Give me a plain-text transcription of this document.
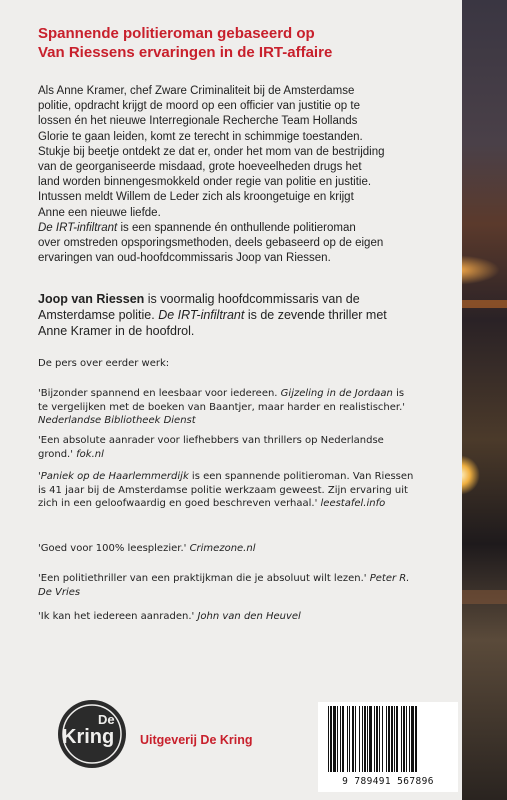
Spannende politieroman gebaseerd op
Van Riessens ervaringen in de IRT-affaire
Als Anne Kramer, chef Zware Criminaliteit bij de Amsterdamse
politie, opdracht krijgt de moord op een officier van justitie op te
lossen én het nieuwe Interregionale Recherche Team Hollands
Glorie te gaan leiden, komt ze terecht in schimmige toestanden.
Stukje bij beetje ontdekt ze dat er, onder het mom van de bestrijding
van de georganiseerde misdaad, grote hoeveelheden drugs het
land worden binnengesmokkeld onder regie van politie en justitie.
Intussen meldt Willem de Leder zich als kroongetuige en krijgt
Anne een nieuwe liefde.
De IRT-infiltrant is een spannende én onthullende politieroman
over omstreden opsporingsmethoden, deels gebaseerd op de eigen
ervaringen van oud-hoofdcommissaris Joop van Riessen.
Joop van Riessen is voormalig hoofdcommissaris van de
Amsterdamse politie. De IRT-infiltrant is de zevende thriller met
Anne Kramer in de hoofdrol.
De pers over eerder werk:
'Bijzonder spannend en leesbaar voor iedereen. Gijzeling in de Jordaan is
te vergelijken met de boeken van Baantjer, maar harder en realistischer.'
Nederlandse Bibliotheek Dienst
'Een absolute aanrader voor liefhebbers van thrillers op Nederlandse
grond.' fok.nl
'Paniek op de Haarlemmerdijk is een spannende politieroman. Van Riessen
is 41 jaar bij de Amsterdamse politie werkzaam geweest. Zijn ervaring uit
zich in een geloofwaardig en goed beschreven verhaal.' leestafel.info
'Goed voor 100% leesplezier.' Crimezone.nl
'Een politiethriller van een praktijkman die je absoluut wilt lezen.' Peter R.
De Vries
'Ik kan het iedereen aanraden.' John van den Heuvel
De
Kring Uitgeverij De Kring
9 789491 567896
